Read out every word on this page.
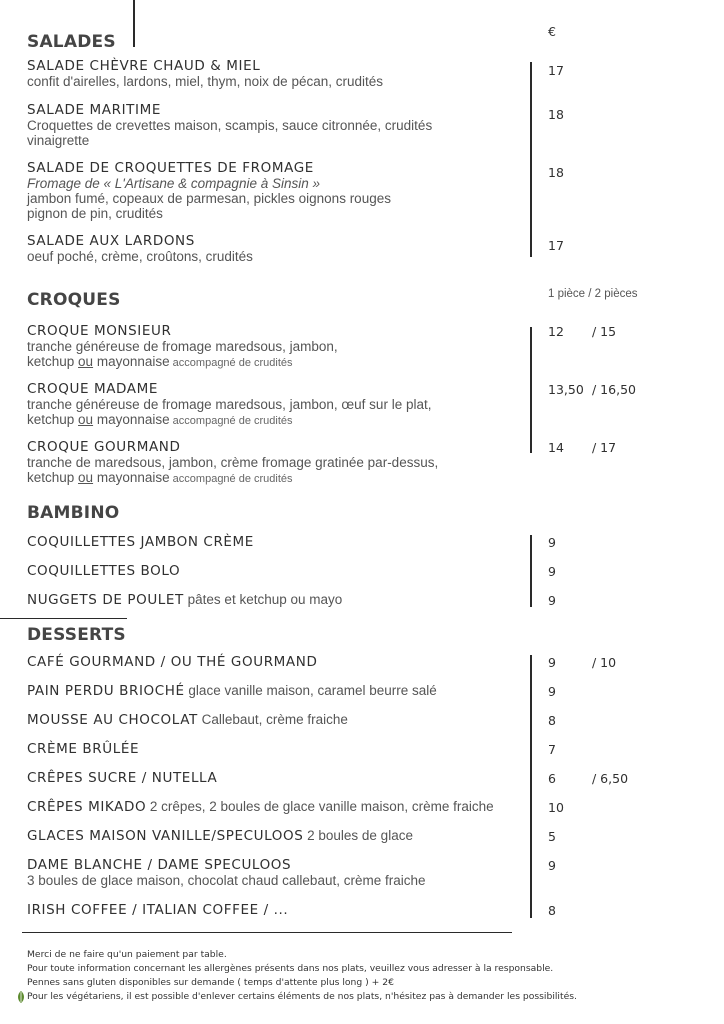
SALADES
€
SALADE CHÈVRE CHAUD & MIEL
confit d'airelles, lardons, miel, thym, noix de pécan, crudités
17
SALADE MARITIME
Croquettes de crevettes maison, scampis, sauce citronnée, crudités
vinaigrette
18
SALADE DE CROQUETTES DE FROMAGE
Fromage de « L'Artisane & compagnie à Sinsin »
jambon fumé, copeaux de parmesan, pickles oignons rouges
pignon de pin, crudités
18
SALADE AUX LARDONS
oeuf poché, crème, croûtons, crudités
17
CROQUES	1 pièce / 2 pièces
CROQUE MONSIEUR
tranche généreuse de fromage maredsous, jambon,
ketchup ou mayonnaise accompagné de crudités
12 / 15
CROQUE MADAME
tranche généreuse de fromage maredsous, jambon, œuf sur le plat,
ketchup ou mayonnaise accompagné de crudités
13,50 / 16,50
CROQUE GOURMAND
tranche de maredsous, jambon, crème fromage gratinée par-dessus,
ketchup ou mayonnaise accompagné de crudités
14 / 17
BAMBINO
COQUILLETTES JAMBON CRÈME	9
COQUILLETTES BOLO	9
NUGGETS DE POULET pâtes et ketchup ou mayo	9
DESSERTS
CAFÉ GOURMAND / OU THÉ GOURMAND	9	/ 10
PAIN PERDU BRIOCHÉ glace vanille maison, caramel beurre salé	9
MOUSSE AU CHOCOLAT Callebaut, crème fraiche	8
CRÈME BRÛLÉE	7
CRÊPES SUCRE / NUTELLA	6	/ 6,50
CRÊPES MIKADO 2 crêpes, 2 boules de glace vanille maison, crème fraiche	10
GLACES MAISON VANILLE/SPECULOOS 2 boules de glace	5
DAME BLANCHE / DAME SPECULOOS
3 boules de glace maison, chocolat chaud callebaut, crème fraiche
9
IRISH COFFEE / ITALIAN COFFEE / ...	8
Merci de ne faire qu'un paiement par table.
Pour toute information concernant les allergènes présents dans nos plats, veuillez vous adresser à la responsable.
Pennes sans gluten disponibles sur demande ( temps d'attente plus long ) + 2€
Pour les végétariens, il est possible d'enlever certains éléments de nos plats, n'hésitez pas à demander les possibilités.
